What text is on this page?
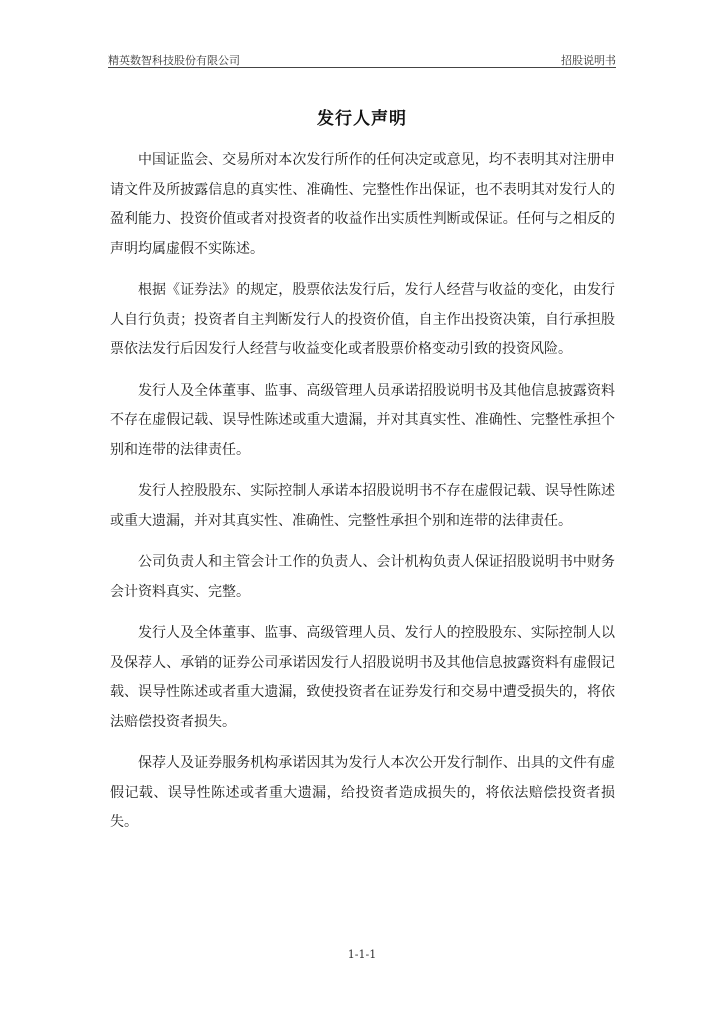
精英数智科技股份有限公司	招股说明书
发行人声明

中国证监会、交易所对本次发行所作的任何决定或意见，均不表明其对注册申请文件及所披露信息的真实性、准确性、完整性作出保证，也不表明其对发行人的盈利能力、投资价值或者对投资者的收益作出实质性判断或保证。任何与之相反的声明均属虚假不实陈述。

根据《证券法》的规定，股票依法发行后，发行人经营与收益的变化，由发行人自行负责；投资者自主判断发行人的投资价值，自主作出投资决策，自行承担股票依法发行后因发行人经营与收益变化或者股票价格变动引致的投资风险。

发行人及全体董事、监事、高级管理人员承诺招股说明书及其他信息披露资料不存在虚假记载、误导性陈述或重大遗漏，并对其真实性、准确性、完整性承担个别和连带的法律责任。

发行人控股股东、实际控制人承诺本招股说明书不存在虚假记载、误导性陈述或重大遗漏，并对其真实性、准确性、完整性承担个别和连带的法律责任。

公司负责人和主管会计工作的负责人、会计机构负责人保证招股说明书中财务会计资料真实、完整。

发行人及全体董事、监事、高级管理人员、发行人的控股股东、实际控制人以及保荐人、承销的证券公司承诺因发行人招股说明书及其他信息披露资料有虚假记载、误导性陈述或者重大遗漏，致使投资者在证券发行和交易中遭受损失的，将依法赔偿投资者损失。

保荐人及证券服务机构承诺因其为发行人本次公开发行制作、出具的文件有虚假记载、误导性陈述或者重大遗漏，给投资者造成损失的，将依法赔偿投资者损失。

1-1-1
